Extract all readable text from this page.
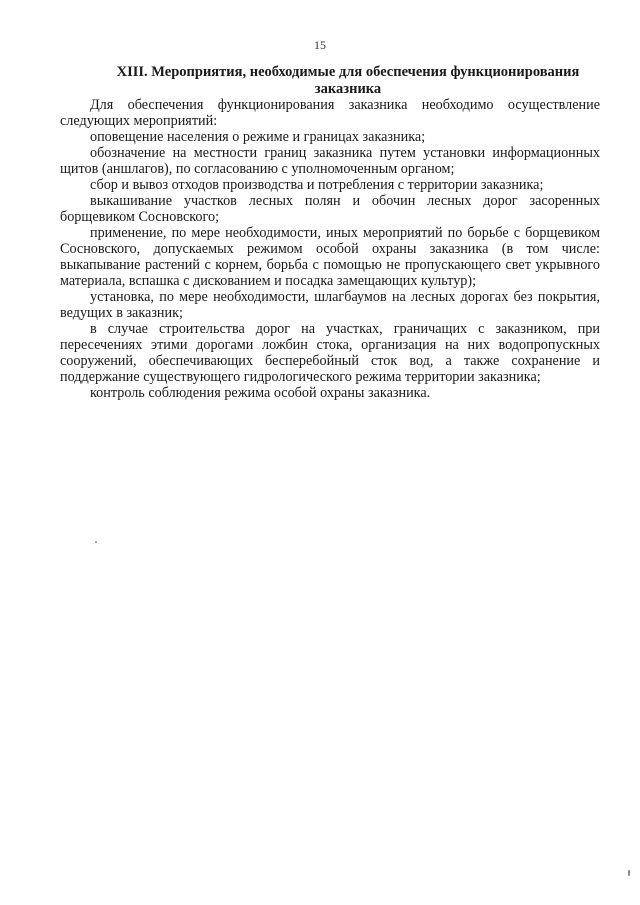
15
XIII. Мероприятия, необходимые для обеспечения функционирования заказника

Для обеспечения функционирования заказника необходимо осуществление следующих мероприятий:

оповещение населения о режиме и границах заказника;

обозначение на местности границ заказника путем установки информационных щитов (аншлагов), по согласованию с уполномоченным органом;

сбор и вывоз отходов производства и потребления с территории заказника;

выкашивание участков лесных полян и обочин лесных дорог засоренных борщевиком Сосновского;

применение, по мере необходимости, иных мероприятий по борьбе с борщевиком Сосновского, допускаемых режимом особой охраны заказника (в том числе: выкапывание растений с корнем, борьба с помощью не пропускающего свет укрывного материала, вспашка с дискованием и посадка замещающих культур);

установка, по мере необходимости, шлагбаумов на лесных дорогах без покрытия, ведущих в заказник;

в случае строительства дорог на участках, граничащих с заказником, при пересечениях этими дорогами ложбин стока, организация на них водопропускных сооружений, обеспечивающих бесперебойный сток вод, а также сохранение и поддержание существующего гидрологического режима территории заказника;

контроль соблюдения режима особой охраны заказника.
